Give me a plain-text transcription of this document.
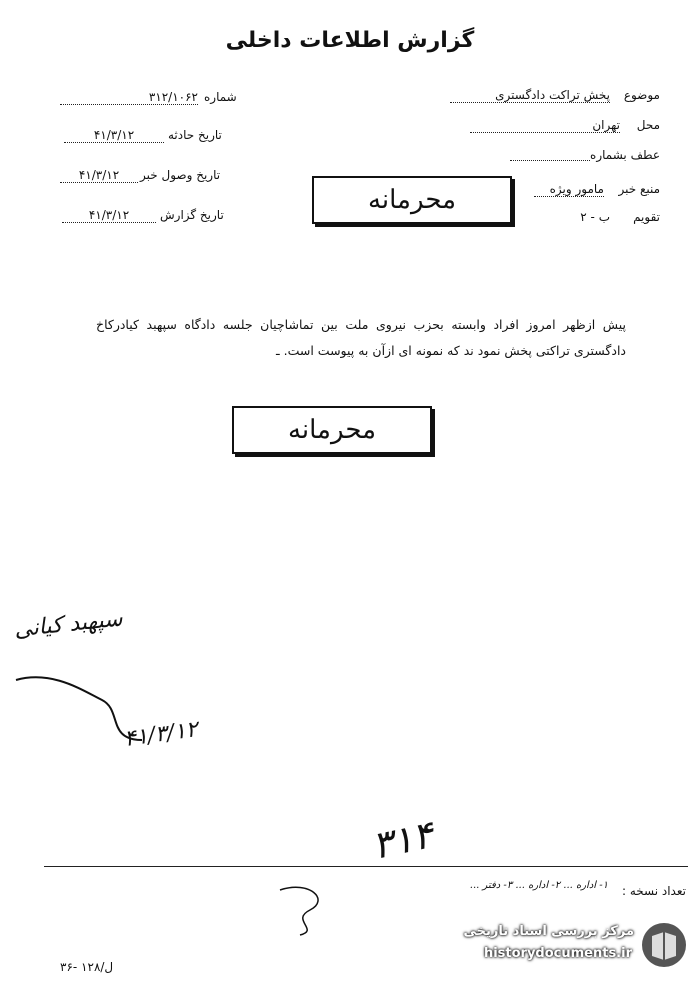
گزارش اطلاعات داخلی
موضوع
پخش تراکت دادگستری
محل
تهران
عطف بشماره
منبع خبر
مامور ویژه
تقویم
ب - ۲
شماره
۳۱۲/۱۰۶۲
تاریخ حادثه
۴۱/۳/۱۲
تاریخ وصول خبر
۴۱/۳/۱۲
تاریخ گزارش
۴۱/۳/۱۲	محرمانه
پیش ازظهر امروز افراد وابسته بحزب نیروی ملت بین تماشاچیان جلسه دادگاه سپهبد کیادرکاخ دادگستری تراکتی پخش نمود ند که نمونه ای ازآن به پیوست است. ـ
محرمانه
سپهبد کیانی
۴۱/۳/۱۲
۳۱۴
تعداد نسخه :
۱- اداره ... ۲- اداره ... ۳- دفتر ...
ل/۱۲۸ -۳۶
مرکز بررسی اسناد تاریخی
historydocuments.ir
